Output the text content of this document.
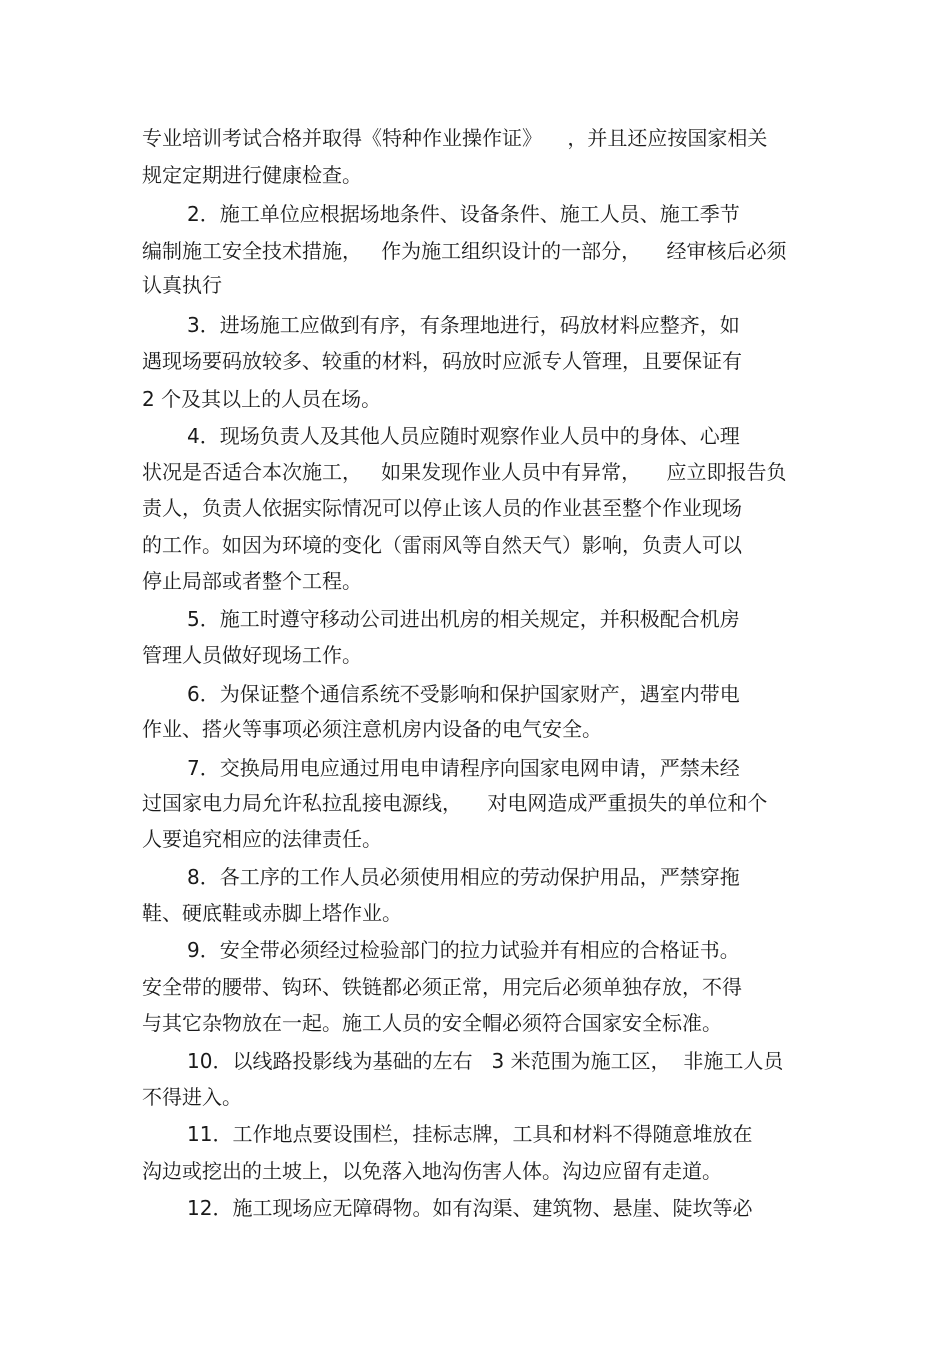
专业培训考试合格并取得《特种作业操作证》    ，并且还应按国家相关
规定定期进行健康检查。
2．施工单位应根据场地条件、设备条件、施工人员、施工季节
编制施工安全技术措施，   作为施工组织设计的一部分，    经审核后必须
认真执行
3．进场施工应做到有序，有条理地进行，码放材料应整齐，如
遇现场要码放较多、较重的材料，码放时应派专人管理，且要保证有
2 个及其以上的人员在场。
4．现场负责人及其他人员应随时观察作业人员中的身体、心理
状况是否适合本次施工，   如果发现作业人员中有异常，    应立即报告负
责人，负责人依据实际情况可以停止该人员的作业甚至整个作业现场
的工作。如因为环境的变化（雷雨风等自然天气）影响，负责人可以
停止局部或者整个工程。
5．施工时遵守移动公司进出机房的相关规定，并积极配合机房
管理人员做好现场工作。
6．为保证整个通信系统不受影响和保护国家财产，遇室内带电
作业、搭火等事项必须注意机房内设备的电气安全。
7．交换局用电应通过用电申请程序向国家电网申请，严禁未经
过国家电力局允许私拉乱接电源线，    对电网造成严重损失的单位和个
人要追究相应的法律责任。
8．各工序的工作人员必须使用相应的劳动保护用品，严禁穿拖
鞋、硬底鞋或赤脚上塔作业。
9．安全带必须经过检验部门的拉力试验并有相应的合格证书。
安全带的腰带、钩环、铁链都必须正常，用完后必须单独存放，不得
与其它杂物放在一起。施工人员的安全帽必须符合国家安全标准。
10．以线路投影线为基础的左右   3 米范围为施工区，  非施工人员
不得进入。
11．工作地点要设围栏，挂标志牌，工具和材料不得随意堆放在
沟边或挖出的土坡上，以免落入地沟伤害人体。沟边应留有走道。
12．施工现场应无障碍物。如有沟渠、建筑物、悬崖、陡坎等必
